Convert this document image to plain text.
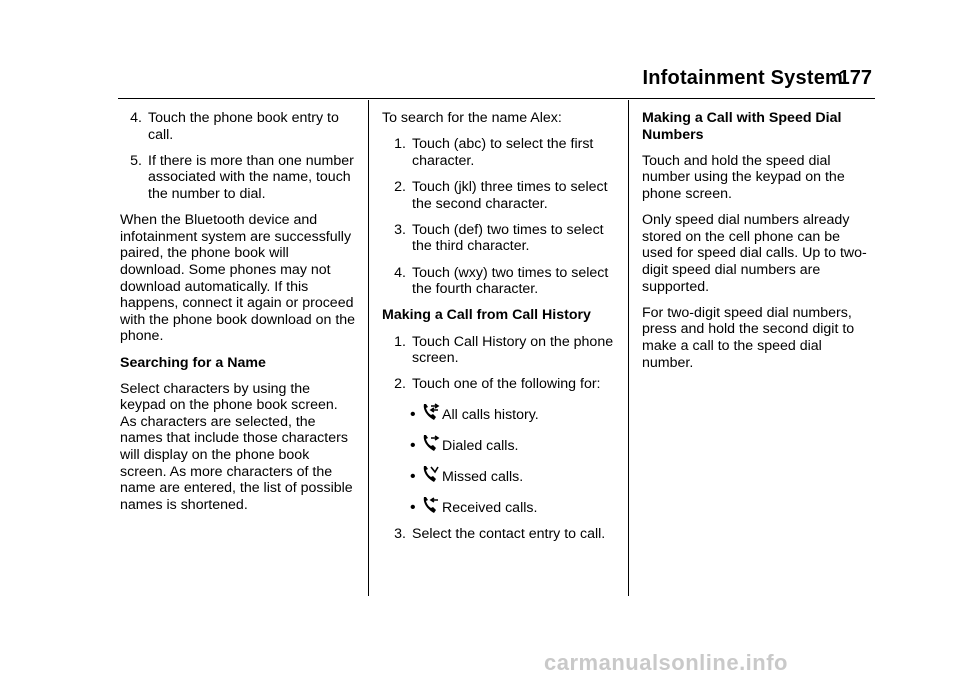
Infotainment System
177
4. Touch the phone book entry to call.
5. If there is more than one number associated with the name, touch the number to dial.

When the Bluetooth device and infotainment system are successfully paired, the phone book will download. Some phones may not download automatically. If this happens, connect it again or proceed with the phone book download on the phone.

Searching for a Name

Select characters by using the keypad on the phone book screen. As characters are selected, the names that include those characters will display on the phone book screen. As more characters of the name are entered, the list of possible names is shortened.

To search for the name Alex:

1. Touch (abc) to select the first character.
2. Touch (jkl) three times to select the second character.
3. Touch (def) two times to select the third character.
4. Touch (wxy) two times to select the fourth character.
Making a Call from Call History
1. Touch Call History on the phone screen.
2. Touch one of the following for:
•	All calls history.
•	Dialed calls.
•	Missed calls.
•	Received calls.
3. Select the contact entry to call.
Making a Call with Speed Dial Numbers

Touch and hold the speed dial number using the keypad on the phone screen.

Only speed dial numbers already stored on the cell phone can be used for speed dial calls. Up to two-digit speed dial numbers are supported.

For two-digit speed dial numbers, press and hold the second digit to make a call to the speed dial number.

carmanualsonline.info
